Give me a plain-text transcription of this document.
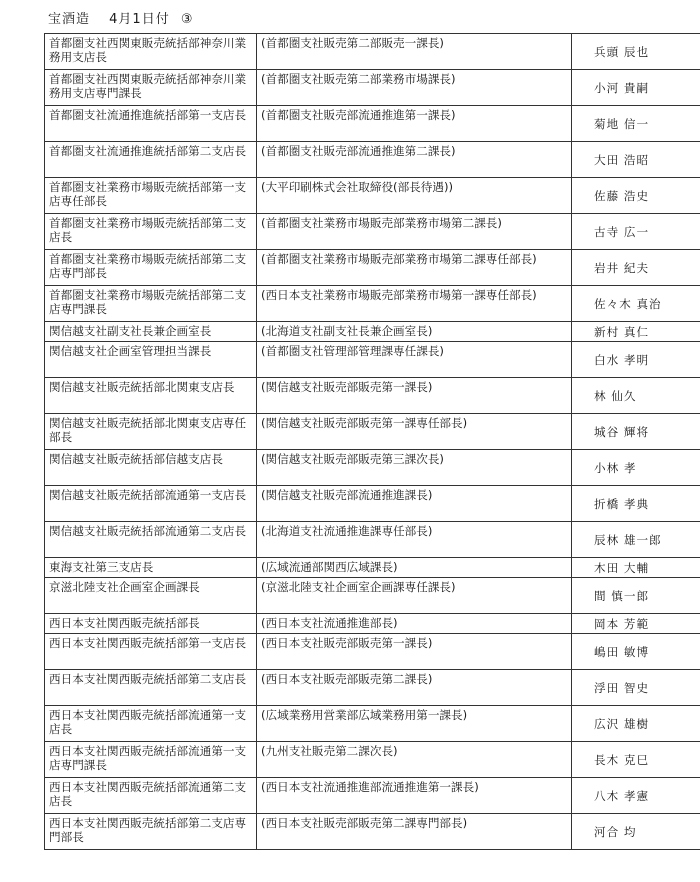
宝酒造 4月1日付 ③
首都圏支社西関東販売統括部神奈川業務用支店長	(首都圏支社販売第二部販売一課長)	兵頭 辰也

首都圏支社西関東販売統括部神奈川業務用支店専門課長	(首都圏支社販売第二部業務市場課長)	小河 貴嗣

首都圏支社流通推進統括部第一支店長	(首都圏支社販売部流通推進第一課長)	菊地 信一

首都圏支社流通推進統括部第二支店長	(首都圏支社販売部流通推進第二課長)	大田 浩昭

首都圏支社業務市場販売統括部第一支店専任部長	(大平印刷株式会社取締役(部長待遇))	佐藤 浩史

首都圏支社業務市場販売統括部第二支店長	(首都圏支社業務市場販売部業務市場第二課長)	古寺 広一

首都圏支社業務市場販売統括部第二支店専門部長	(首都圏支社業務市場販売部業務市場第二課専任部長)	岩井 紀夫

首都圏支社業務市場販売統括部第二支店専門課長	(西日本支社業務市場販売部業務市場第一課専任部長)	佐々木 真治

関信越支社副支社長兼企画室長	(北海道支社副支社長兼企画室長)	新村 真仁

関信越支社企画室管理担当課長	(首都圏支社管理部管理課専任課長)	白水 孝明

関信越支社販売統括部北関東支店長	(関信越支社販売部販売第一課長)	林 仙久

関信越支社販売統括部北関東支店専任部長	(関信越支社販売部販売第一課専任部長)	城谷 輝将

関信越支社販売統括部信越支店長	(関信越支社販売部販売第三課次長)	小林 孝

関信越支社販売統括部流通第一支店長	(関信越支社販売部流通推進課長)	折橋 孝典

関信越支社販売統括部流通第二支店長	(北海道支社流通推進課専任部長)	辰林 雄一郎

東海支社第三支店長	(広域流通部関西広域課長)	木田 大輔

京滋北陸支社企画室企画課長	(京滋北陸支社企画室企画課専任課長)	間 慎一郎

西日本支社関西販売統括部長	(西日本支社流通推進部長)	岡本 芳範

西日本支社関西販売統括部第一支店長	(西日本支社販売部販売第一課長)	嶋田 敏博

西日本支社関西販売統括部第二支店長	(西日本支社販売部販売第二課長)	浮田 智史

西日本支社関西販売統括部流通第一支店長	(広域業務用営業部広域業務用第一課長)	広沢 雄樹

西日本支社関西販売統括部流通第一支店専門課長	(九州支社販売第二課次長)	長木 克巳

西日本支社関西販売統括部流通第二支店長	(西日本支社流通推進部流通推進第一課長)	八木 孝憲

西日本支社関西販売統括部第二支店専門部長	(西日本支社販売部販売第二課専門部長)	河合 均
